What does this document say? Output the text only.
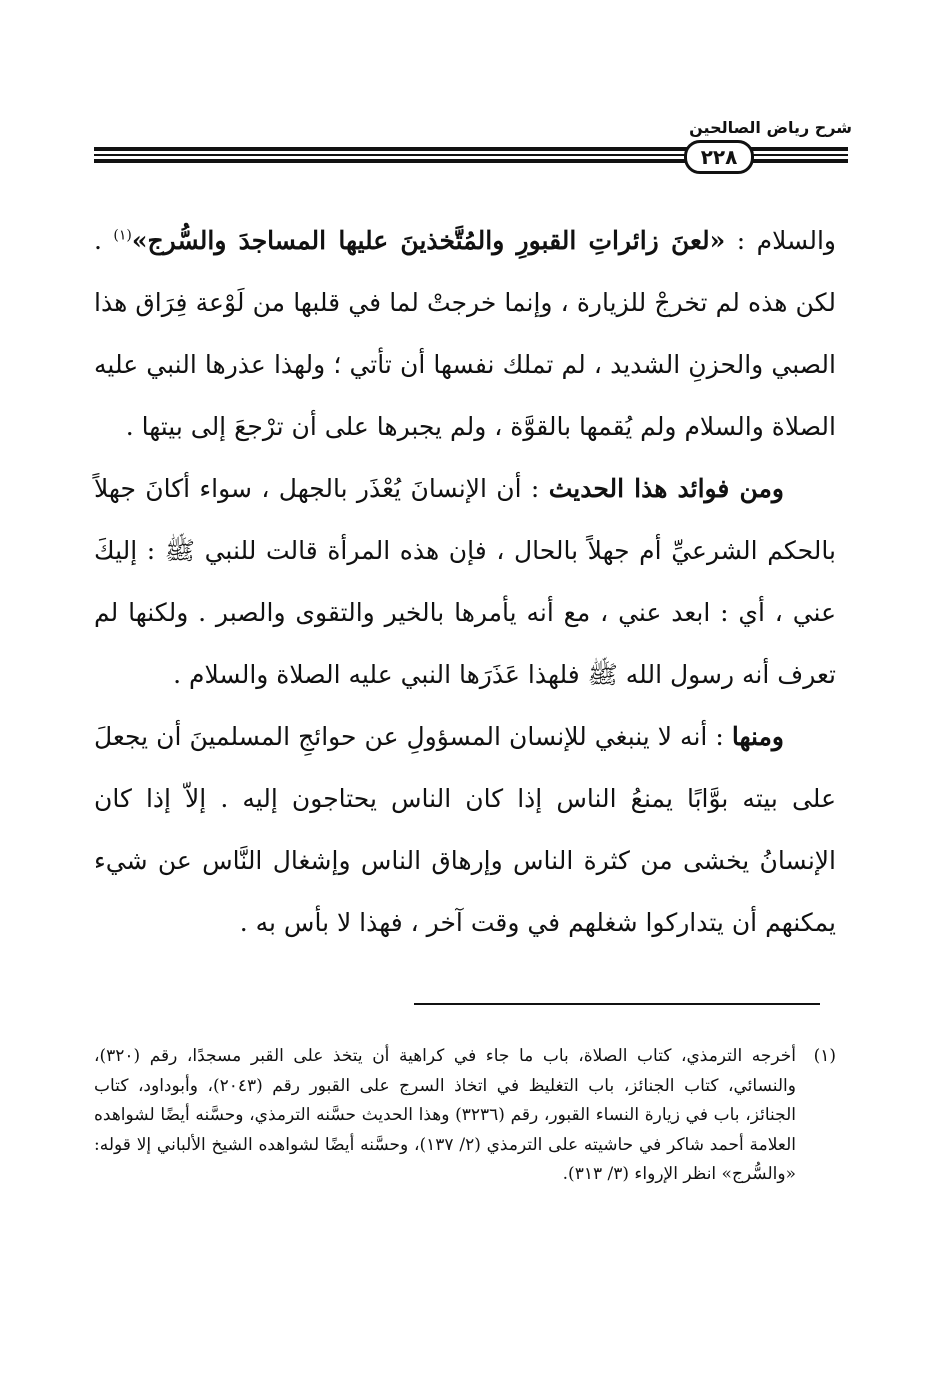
شرح رياض الصالحين
٢٢٨

والسلام : «لعنَ زائراتِ القبورِ والمُتَّخذينَ عليها المساجدَ والسُّرج»$^{(١)}$ . لكن هذه لم تخرجْ للزيارة ، وإنما خرجتْ لما في قلبها من لَوْعة فِرَاق هذا الصبي والحزنِ الشديد ، لم تملك نفسها أن تأتي ؛ ولهذا عذرها النبي عليه الصلاة والسلام ولم يُقمها بالقوَّة ، ولم يجبرها على أن ترْجعَ إلى بيتها .

ومن فوائد هذا الحديث : أن الإنسانَ يُعْذَر بالجهل ، سواء أكانَ جهلاً بالحكم الشرعيِّ أم جهلاً بالحال ، فإن هذه المرأة قالت للنبي ﷺ : إليكَ عني ، أي : ابعد عني ، مع أنه يأمرها بالخير والتقوى والصبر . ولكنها لم تعرف أنه رسول الله ﷺ فلهذا عَذَرَها النبي عليه الصلاة والسلام .

ومنها : أنه لا ينبغي للإنسان المسؤولِ عن حوائجِ المسلمينَ أن يجعلَ على بيته بوَّابًا يمنعُ الناس إذا كان الناس يحتاجون إليه . إلاّ إذا كان الإنسانُ يخشى من كثرة الناس وإرهاق الناس وإشغال النَّاس عن شيء يمكنهم أن يتداركوا شغلهم في وقت آخر ، فهذا لا بأس به .

(١)
أخرجه الترمذي، كتاب الصلاة، باب ما جاء في كراهية أن يتخذ على القبر مسجدًا، رقم (٣٢٠)، والنسائي، كتاب الجنائز، باب التغليظ في اتخاذ السرج على القبور رقم (٢٠٤٣)، وأبوداود، كتاب الجنائز، باب في زيارة النساء القبور، رقم (٣٢٣٦) وهذا الحديث حسَّنه الترمذي، وحسَّنه أيضًا لشواهده العلامة أحمد شاكر في حاشيته على الترمذي (٢/ ١٣٧)، وحسَّنه أيضًا لشواهده الشيخ الألباني إلا قوله: «والسُّرج» انظر الإرواء (٣/ ٣١٣).
